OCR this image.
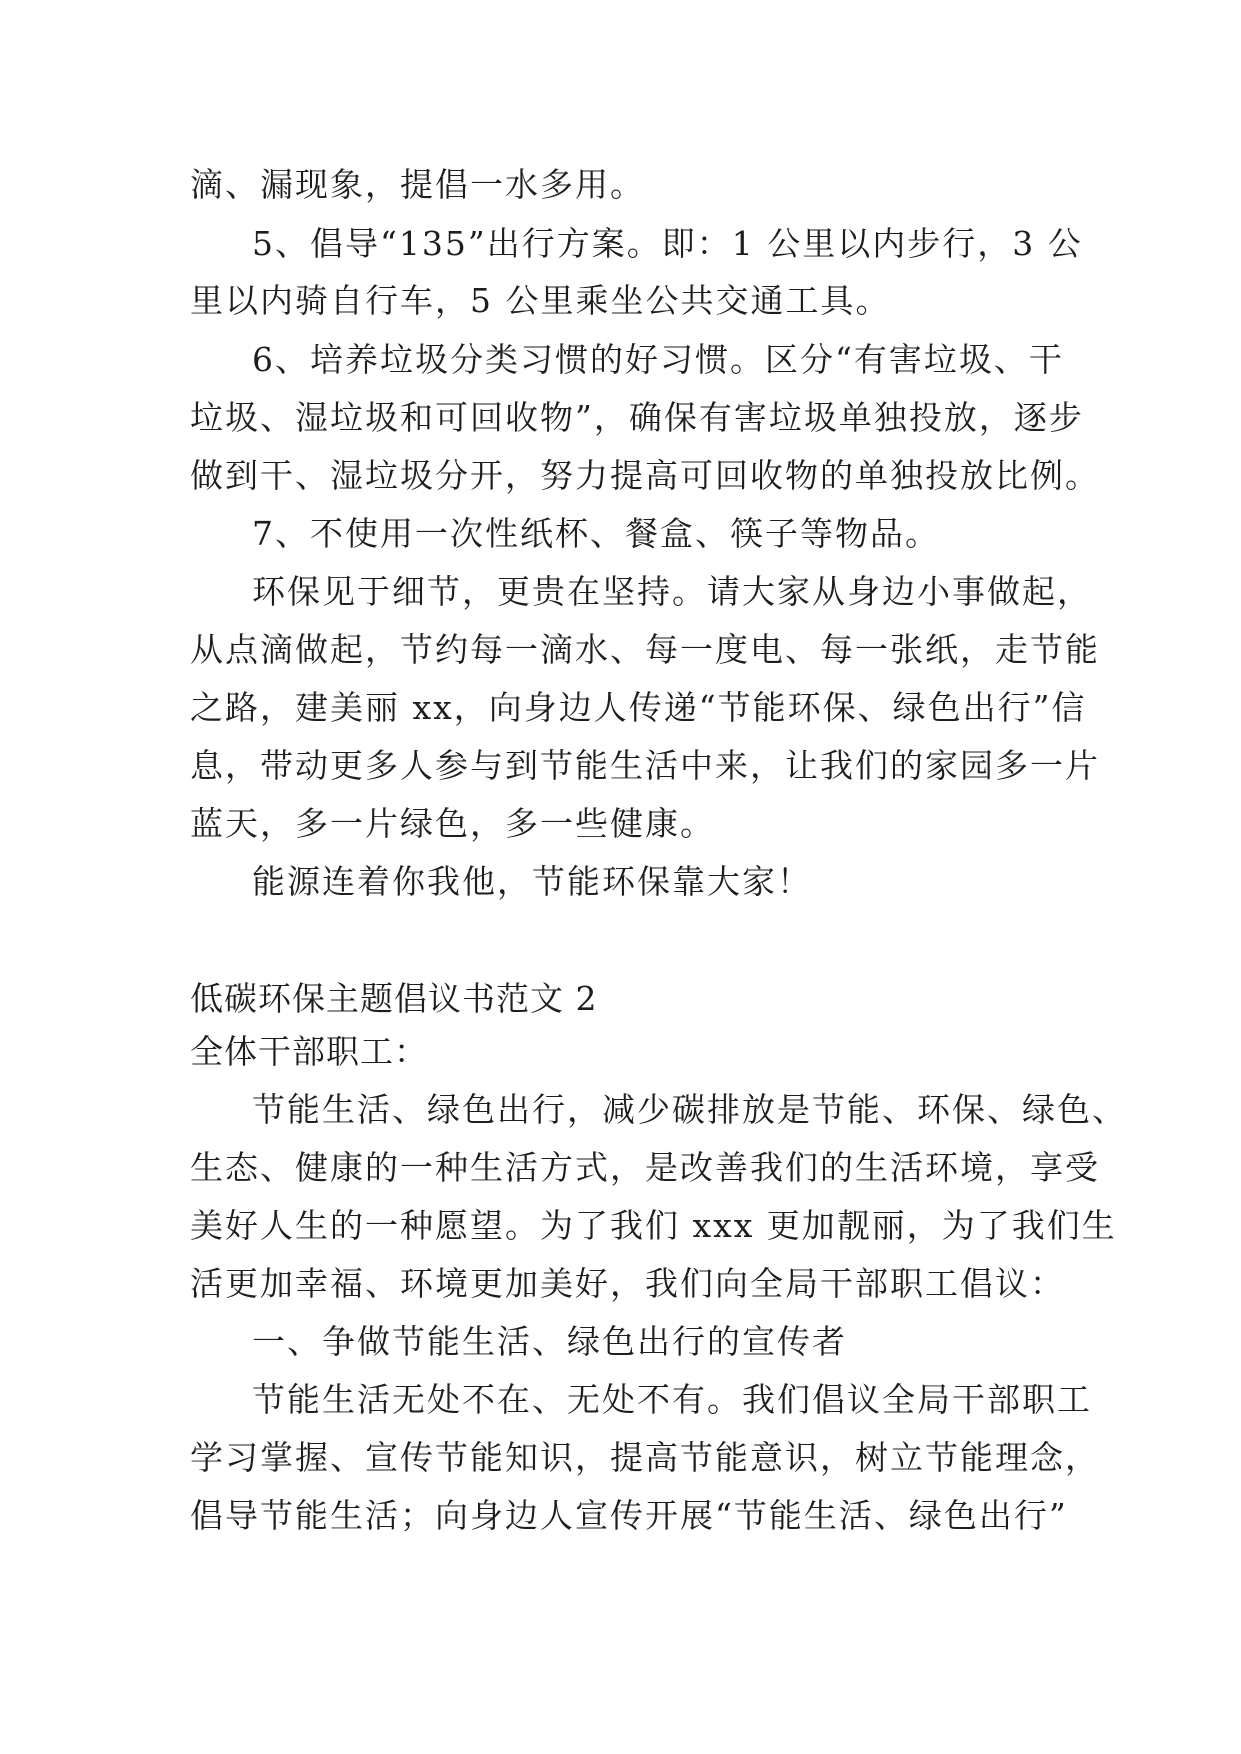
滴、漏现象，提倡一水多用。
5、倡导“135”出行方案。即：1 公里以内步行，3 公
里以内骑自行车，5 公里乘坐公共交通工具。
6、培养垃圾分类习惯的好习惯。区分“有害垃圾、干
垃圾、湿垃圾和可回收物”，确保有害垃圾单独投放，逐步
做到干、湿垃圾分开，努力提高可回收物的单独投放比例。
7、不使用一次性纸杯、餐盒、筷子等物品。
环保见于细节，更贵在坚持。请大家从身边小事做起，
从点滴做起，节约每一滴水、每一度电、每一张纸，走节能
之路，建美丽 xx，向身边人传递“节能环保、绿色出行”信
息，带动更多人参与到节能生活中来，让我们的家园多一片
蓝天，多一片绿色，多一些健康。
能源连着你我他，节能环保靠大家！
低碳环保主题倡议书范文 2
全体干部职工：
节能生活、绿色出行，减少碳排放是节能、环保、绿色、
生态、健康的一种生活方式，是改善我们的生活环境，享受
美好人生的一种愿望。为了我们 xxx 更加靓丽，为了我们生
活更加幸福、环境更加美好，我们向全局干部职工倡议：
一、争做节能生活、绿色出行的宣传者
节能生活无处不在、无处不有。我们倡议全局干部职工
学习掌握、宣传节能知识，提高节能意识，树立节能理念，
倡导节能生活；向身边人宣传开展“节能生活、绿色出行”
